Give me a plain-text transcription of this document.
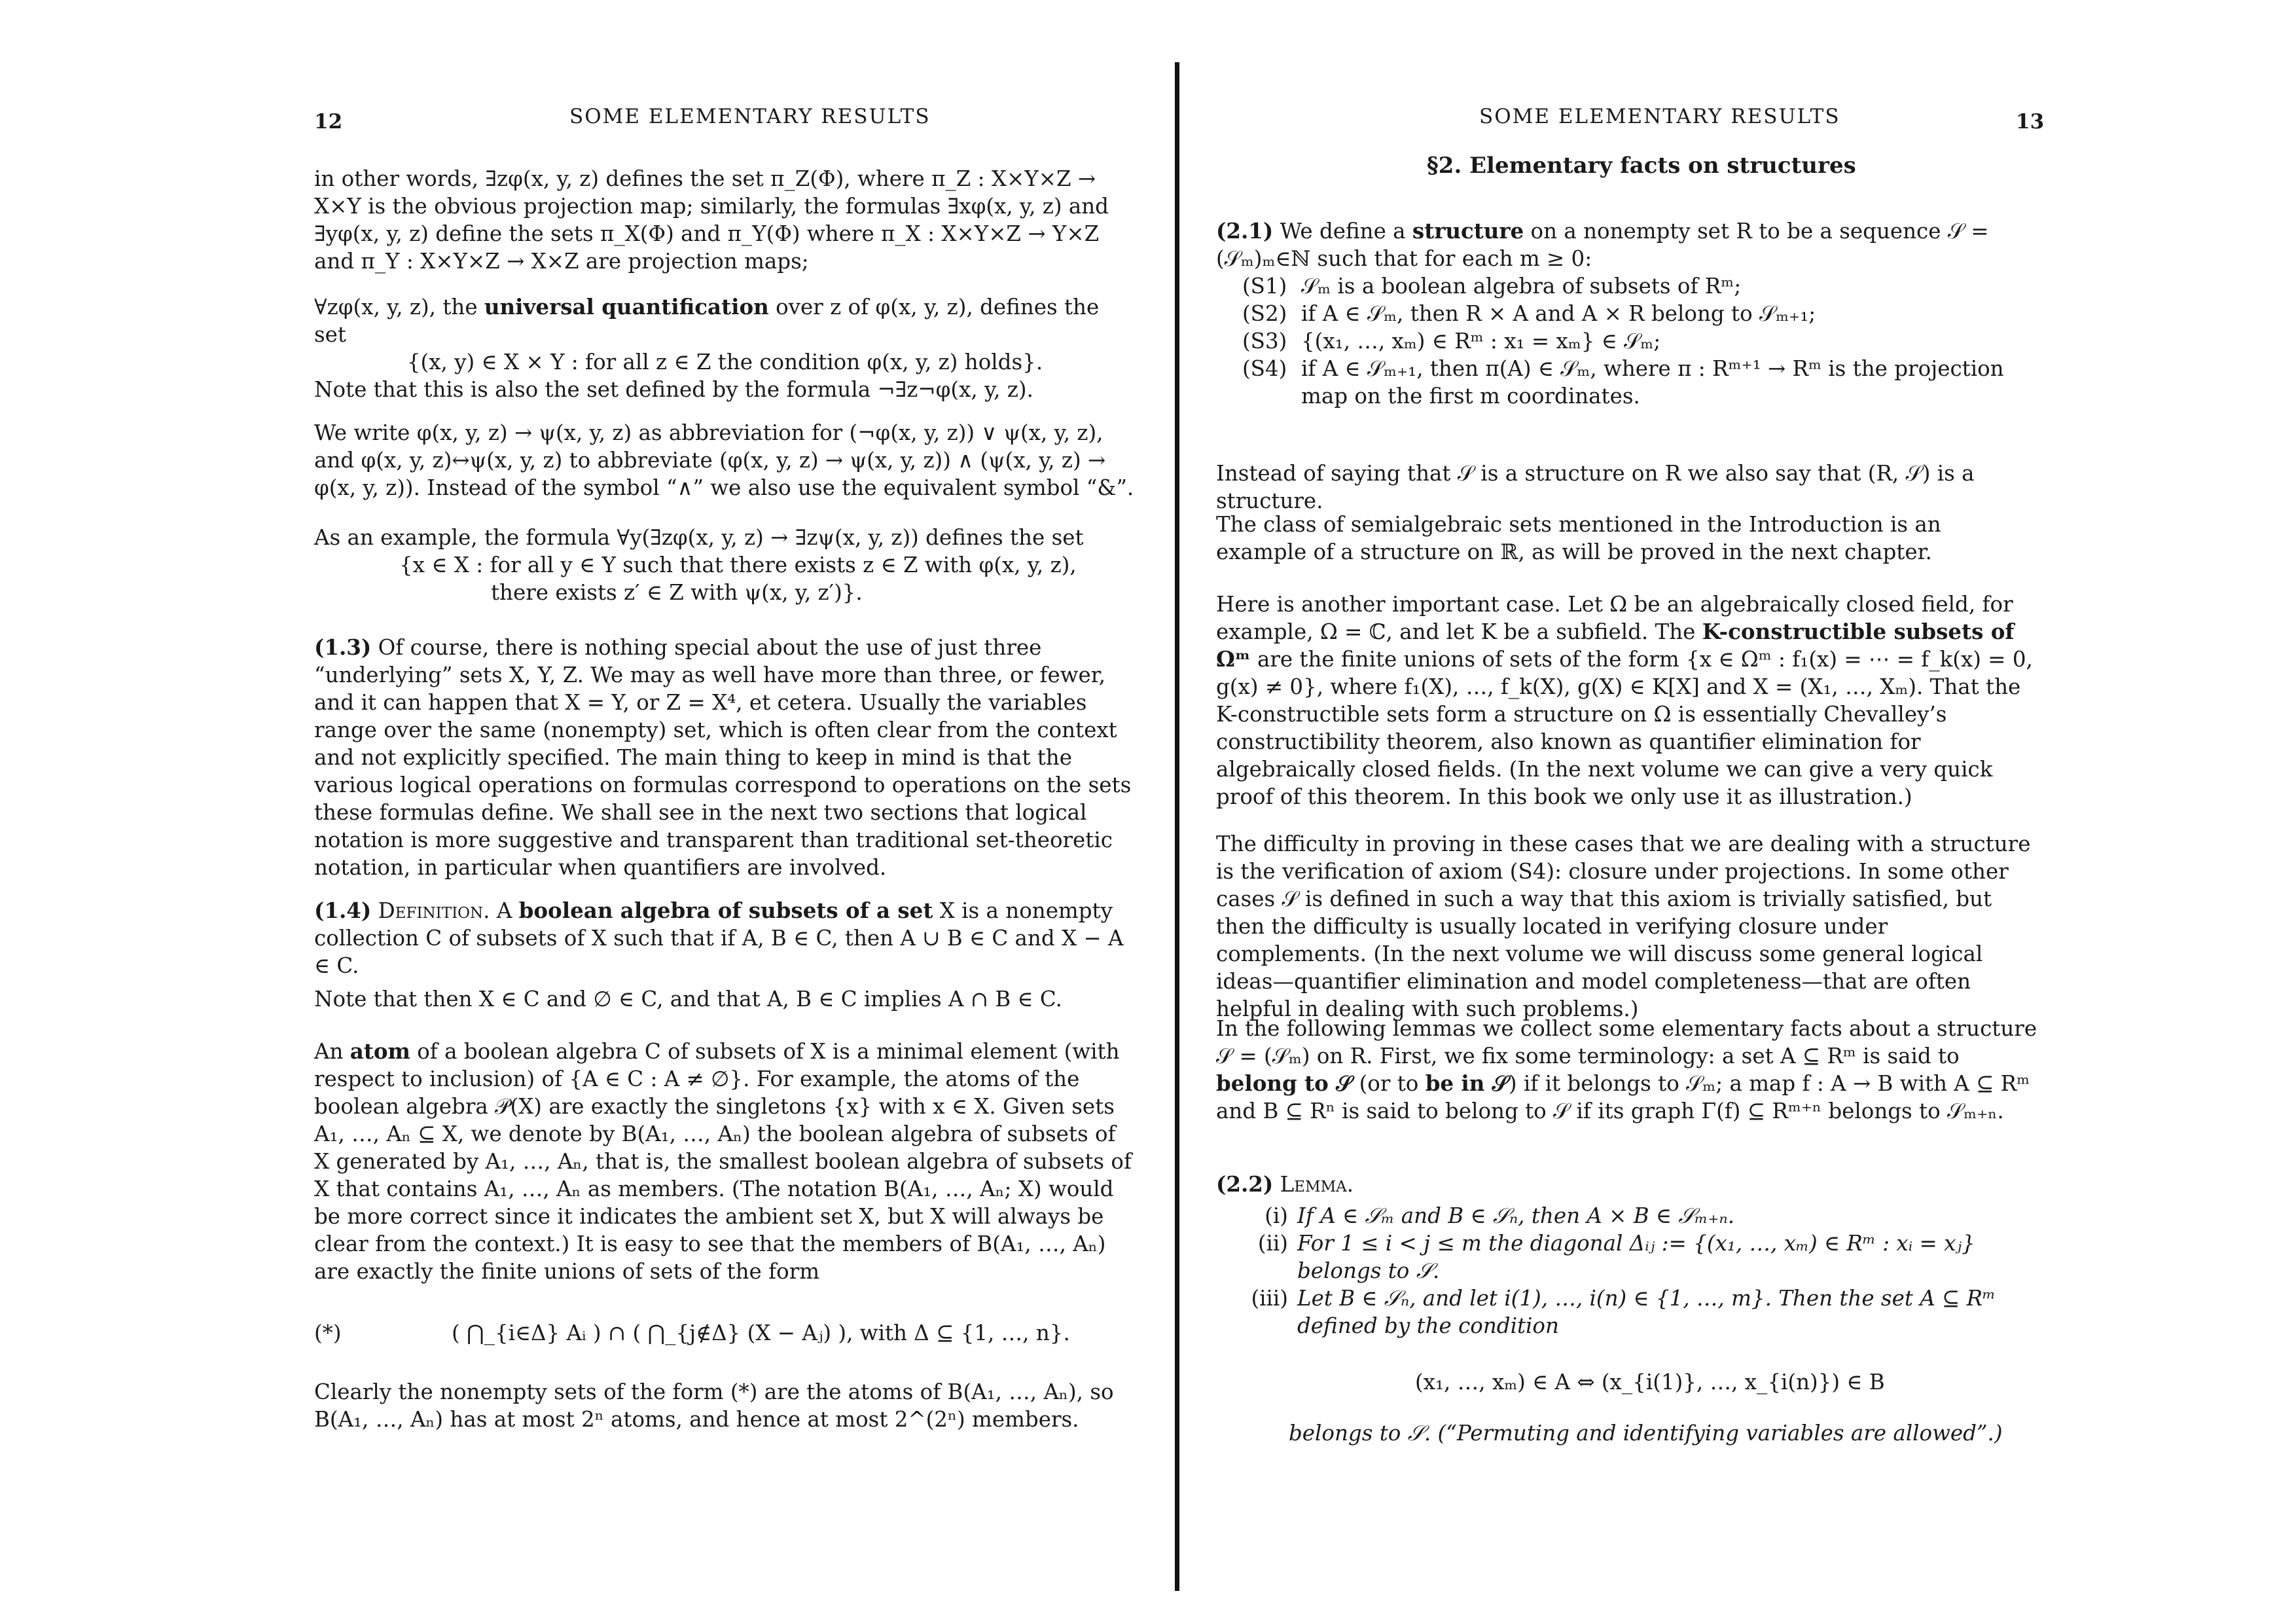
12	SOME ELEMENTARY RESULTS

in other words, ∃zφ(x, y, z) defines the set π_Z(Φ), where π_Z : X×Y×Z → X×Y is the obvious projection map; similarly, the formulas ∃xφ(x, y, z) and ∃yφ(x, y, z) define the sets π_X(Φ) and π_Y(Φ) where π_X : X×Y×Z → Y×Z and π_Y : X×Y×Z → X×Z are projection maps;

∀zφ(x, y, z), the universal quantification over z of φ(x, y, z), defines the set

{(x, y) ∈ X × Y : for all z ∈ Z the condition φ(x, y, z) holds}.

Note that this is also the set defined by the formula ¬∃z¬φ(x, y, z).

We write φ(x, y, z) → ψ(x, y, z) as abbreviation for (¬φ(x, y, z)) ∨ ψ(x, y, z), and φ(x, y, z)↔ψ(x, y, z) to abbreviate (φ(x, y, z) → ψ(x, y, z)) ∧ (ψ(x, y, z) → φ(x, y, z)). Instead of the symbol “∧” we also use the equivalent symbol “&”.

As an example, the formula ∀y(∃zφ(x, y, z) → ∃zψ(x, y, z)) defines the set

{x ∈ X : for all y ∈ Y such that there exists z ∈ Z with φ(x, y, z),

there exists z′ ∈ Z with ψ(x, y, z′)}.

(1.3) Of course, there is nothing special about the use of just three “underlying” sets X, Y, Z. We may as well have more than three, or fewer, and it can happen that X = Y, or Z = X⁴, et cetera. Usually the variables range over the same (nonempty) set, which is often clear from the context and not explicitly specified. The main thing to keep in mind is that the various logical operations on formulas correspond to operations on the sets these formulas define. We shall see in the next two sections that logical notation is more suggestive and transparent than traditional set-theoretic notation, in particular when quantifiers are involved.

(1.4) Definition. A boolean algebra of subsets of a set X is a nonempty collection C of subsets of X such that if A, B ∈ C, then A ∪ B ∈ C and X − A ∈ C.

Note that then X ∈ C and ∅ ∈ C, and that A, B ∈ C implies A ∩ B ∈ C.

An atom of a boolean algebra C of subsets of X is a minimal element (with respect to inclusion) of {A ∈ C : A ≠ ∅}. For example, the atoms of the boolean algebra 𝒫(X) are exactly the singletons {x} with x ∈ X. Given sets A₁, …, Aₙ ⊆ X, we denote by B(A₁, …, Aₙ) the boolean algebra of subsets of X generated by A₁, …, Aₙ, that is, the smallest boolean algebra of subsets of X that contains A₁, …, Aₙ as members. (The notation B(A₁, …, Aₙ; X) would be more correct since it indicates the ambient set X, but X will always be clear from the context.) It is easy to see that the members of B(A₁, …, Aₙ) are exactly the finite unions of sets of the form

(*)	( ⋂_{i∈Δ} Aᵢ ) ∩ ( ⋂_{j∉Δ} (X − Aⱼ) ), with Δ ⊆ {1, …, n}.

Clearly the nonempty sets of the form (*) are the atoms of B(A₁, …, Aₙ), so B(A₁, …, Aₙ) has at most 2ⁿ atoms, and hence at most 2^(2ⁿ) members.

SOME ELEMENTARY RESULTS	13

§2. Elementary facts on structures

(2.1) We define a structure on a nonempty set R to be a sequence 𝒮 = (𝒮ₘ)ₘ∈ℕ such that for each m ≥ 0:

(S1) 𝒮ₘ is a boolean algebra of subsets of Rᵐ;

(S2) if A ∈ 𝒮ₘ, then R × A and A × R belong to 𝒮ₘ₊₁;

(S3) {(x₁, …, xₘ) ∈ Rᵐ : x₁ = xₘ} ∈ 𝒮ₘ;

(S4) if A ∈ 𝒮ₘ₊₁, then π(A) ∈ 𝒮ₘ, where π : Rᵐ⁺¹ → Rᵐ is the projection map on the first m coordinates.

Instead of saying that 𝒮 is a structure on R we also say that (R, 𝒮) is a structure.

The class of semialgebraic sets mentioned in the Introduction is an example of a structure on ℝ, as will be proved in the next chapter.

Here is another important case. Let Ω be an algebraically closed field, for example, Ω = ℂ, and let K be a subfield. The K-constructible subsets of Ωᵐ are the finite unions of sets of the form {x ∈ Ωᵐ : f₁(x) = ⋯ = f_k(x) = 0, g(x) ≠ 0}, where f₁(X), …, f_k(X), g(X) ∈ K[X] and X = (X₁, …, Xₘ). That the K-constructible sets form a structure on Ω is essentially Chevalley’s constructibility theorem, also known as quantifier elimination for algebraically closed fields. (In the next volume we can give a very quick proof of this theorem. In this book we only use it as illustration.)

The difficulty in proving in these cases that we are dealing with a structure is the verification of axiom (S4): closure under projections. In some other cases 𝒮 is defined in such a way that this axiom is trivially satisfied, but then the difficulty is usually located in verifying closure under complements. (In the next volume we will discuss some general logical ideas—quantifier elimination and model completeness—that are often helpful in dealing with such problems.)

In the following lemmas we collect some elementary facts about a structure 𝒮 = (𝒮ₘ) on R. First, we fix some terminology: a set A ⊆ Rᵐ is said to belong to 𝒮 (or to be in 𝒮) if it belongs to 𝒮ₘ; a map f : A → B with A ⊆ Rᵐ and B ⊆ Rⁿ is said to belong to 𝒮 if its graph Γ(f) ⊆ Rᵐ⁺ⁿ belongs to 𝒮ₘ₊ₙ.

(2.2) Lemma.

(i) If A ∈ 𝒮ₘ and B ∈ 𝒮ₙ, then A × B ∈ 𝒮ₘ₊ₙ.

(ii) For 1 ≤ i < j ≤ m the diagonal Δᵢⱼ := {(x₁, …, xₘ) ∈ Rᵐ : xᵢ = xⱼ} belongs to 𝒮.

(iii) Let B ∈ 𝒮ₙ, and let i(1), …, i(n) ∈ {1, …, m}. Then the set A ⊆ Rᵐ defined by the condition

(x₁, …, xₘ) ∈ A ⇔ (x_{i(1)}, …, x_{i(n)}) ∈ B

belongs to 𝒮. (“Permuting and identifying variables are allowed”.)
